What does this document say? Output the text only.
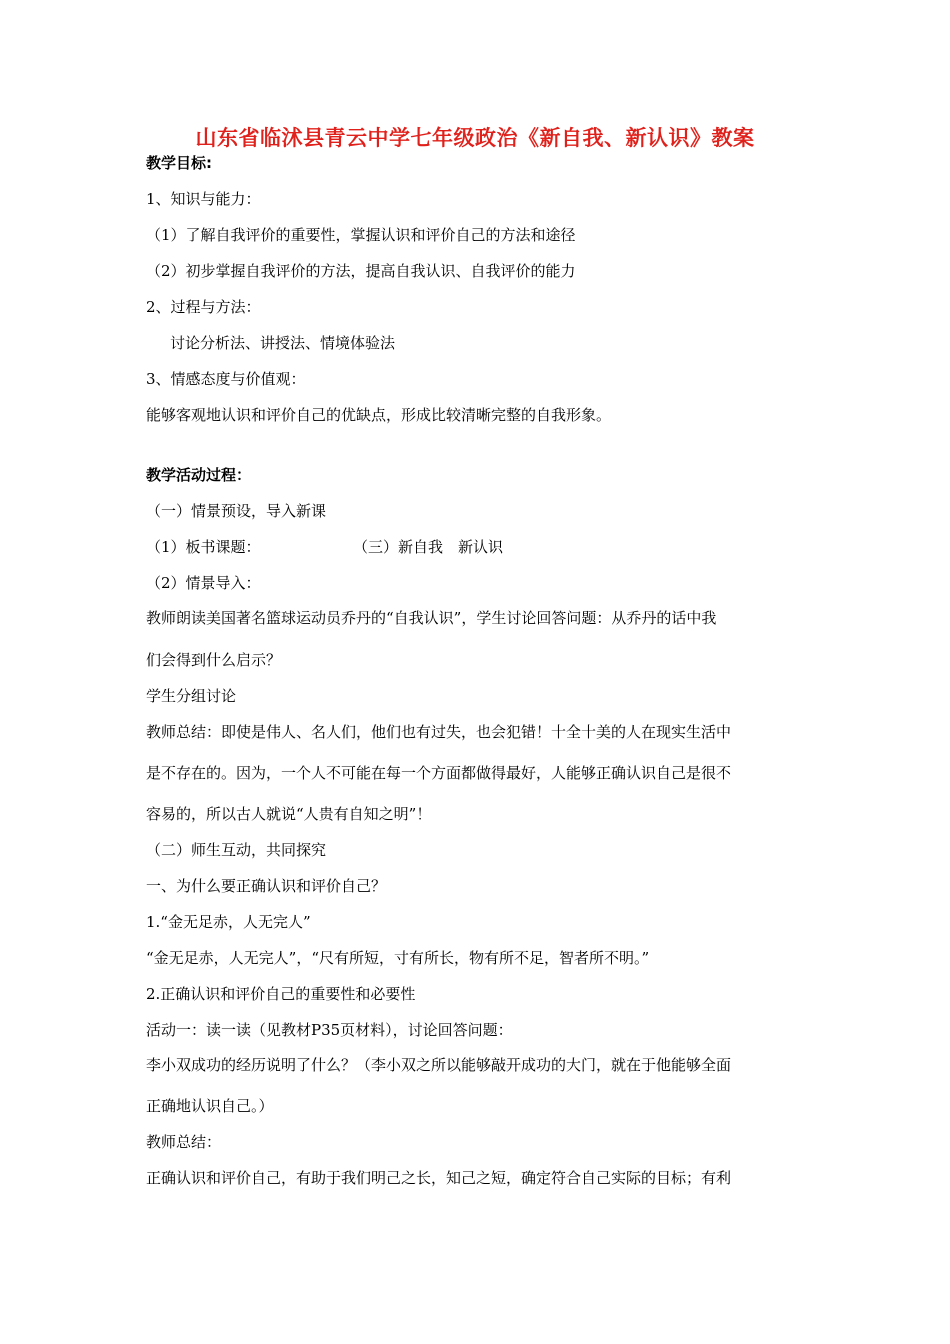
山东省临沭县青云中学七年级政治《新自我、新认识》教案
教学目标:
1、知识与能力：
（1）了解自我评价的重要性，掌握认识和评价自己的方法和途径
（2）初步掌握自我评价的方法，提高自我认识、自我评价的能力
2、过程与方法：
讨论分析法、讲授法、情境体验法
3、情感态度与价值观：
能够客观地认识和评价自己的优缺点，形成比较清晰完整的自我形象。
教学活动过程：
（一）情景预设，导入新课
（1）板书课题：	（三）新自我　新认识
（2）情景导入：
教师朗读美国著名篮球运动员乔丹的“自我认识”，学生讨论回答问题：从乔丹的话中我
们会得到什么启示？
学生分组讨论
教师总结：即使是伟人、名人们，他们也有过失，也会犯错！十全十美的人在现实生活中
是不存在的。因为，一个人不可能在每一个方面都做得最好，人能够正确认识自己是很不
容易的，所以古人就说“人贵有自知之明”！
（二）师生互动，共同探究
一、为什么要正确认识和评价自己？
1.“金无足赤，人无完人”
“金无足赤，人无完人”，“尺有所短，寸有所长，物有所不足，智者所不明。”
2.正确认识和评价自己的重要性和必要性
活动一：读一读（见教材P35页材料），讨论回答问题：
李小双成功的经历说明了什么？（李小双之所以能够敲开成功的大门，就在于他能够全面
正确地认识自己。）
教师总结：
正确认识和评价自己，有助于我们明己之长，知己之短，确定符合自己实际的目标；有利
